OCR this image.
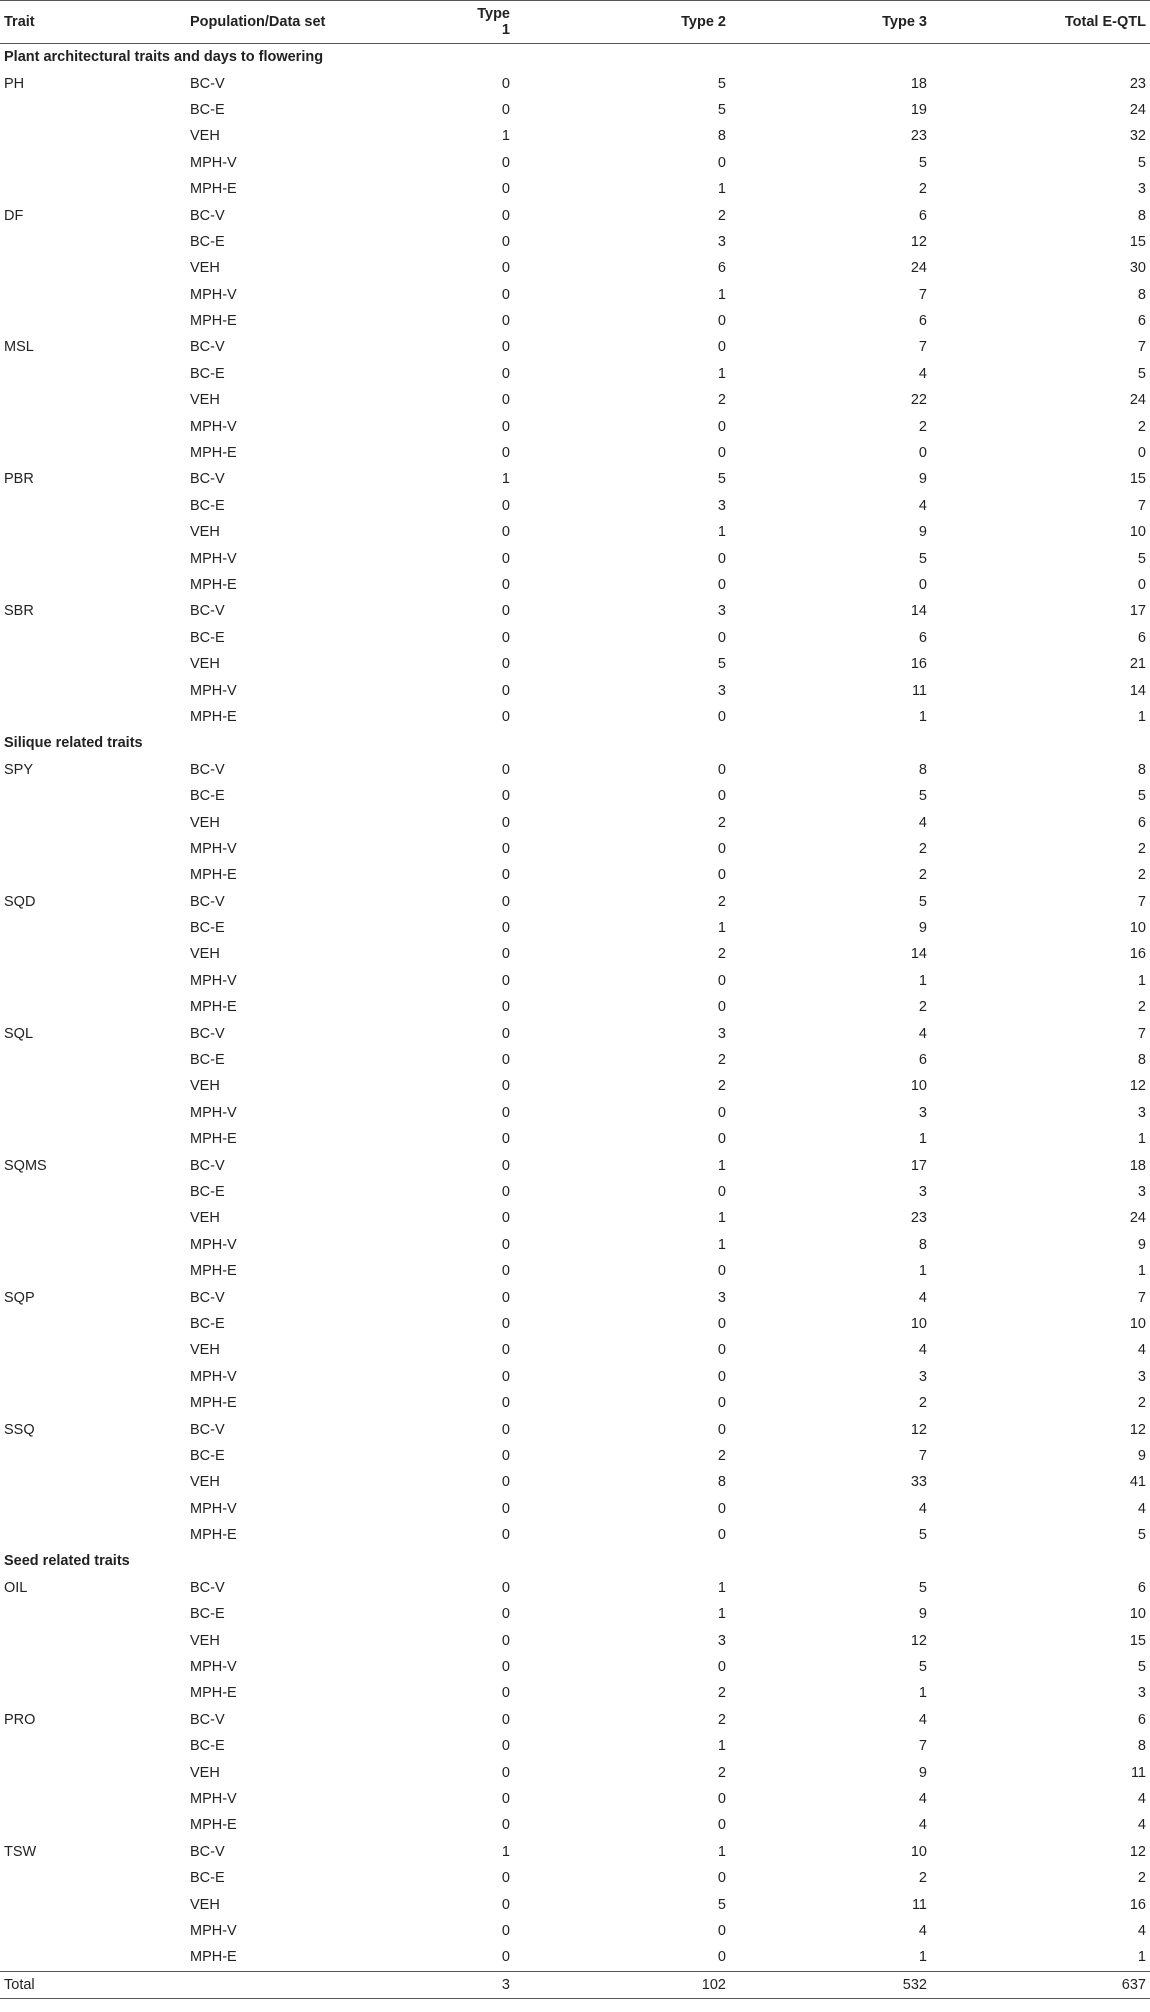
Trait	Population/Data set	Type 1	Type 2	Type 3	Total E-QTL
Plant architectural traits and days to flowering					
PH	BC-V	0	5	18	23
	BC-E	0	5	19	24
	VEH	1	8	23	32
	MPH-V	0	0	5	5
	MPH-E	0	1	2	3
DF	BC-V	0	2	6	8
	BC-E	0	3	12	15
	VEH	0	6	24	30
	MPH-V	0	1	7	8
	MPH-E	0	0	6	6
MSL	BC-V	0	0	7	7
	BC-E	0	1	4	5
	VEH	0	2	22	24
	MPH-V	0	0	2	2
	MPH-E	0	0	0	0
PBR	BC-V	1	5	9	15
	BC-E	0	3	4	7
	VEH	0	1	9	10
	MPH-V	0	0	5	5
	MPH-E	0	0	0	0
SBR	BC-V	0	3	14	17
	BC-E	0	0	6	6
	VEH	0	5	16	21
	MPH-V	0	3	11	14
	MPH-E	0	0	1	1
Silique related traits					
SPY	BC-V	0	0	8	8
	BC-E	0	0	5	5
	VEH	0	2	4	6
	MPH-V	0	0	2	2
	MPH-E	0	0	2	2
SQD	BC-V	0	2	5	7
	BC-E	0	1	9	10
	VEH	0	2	14	16
	MPH-V	0	0	1	1
	MPH-E	0	0	2	2
SQL	BC-V	0	3	4	7
	BC-E	0	2	6	8
	VEH	0	2	10	12
	MPH-V	0	0	3	3
	MPH-E	0	0	1	1
SQMS	BC-V	0	1	17	18
	BC-E	0	0	3	3
	VEH	0	1	23	24
	MPH-V	0	1	8	9
	MPH-E	0	0	1	1
SQP	BC-V	0	3	4	7
	BC-E	0	0	10	10
	VEH	0	0	4	4
	MPH-V	0	0	3	3
	MPH-E	0	0	2	2
SSQ	BC-V	0	0	12	12
	BC-E	0	2	7	9
	VEH	0	8	33	41
	MPH-V	0	0	4	4
	MPH-E	0	0	5	5
Seed related traits					
OIL	BC-V	0	1	5	6
	BC-E	0	1	9	10
	VEH	0	3	12	15
	MPH-V	0	0	5	5
	MPH-E	0	2	1	3
PRO	BC-V	0	2	4	6
	BC-E	0	1	7	8
	VEH	0	2	9	11
	MPH-V	0	0	4	4
	MPH-E	0	0	4	4
TSW	BC-V	1	1	10	12
	BC-E	0	0	2	2
	VEH	0	5	11	16
	MPH-V	0	0	4	4
	MPH-E	0	0	1	1
Total		3	102	532	637
